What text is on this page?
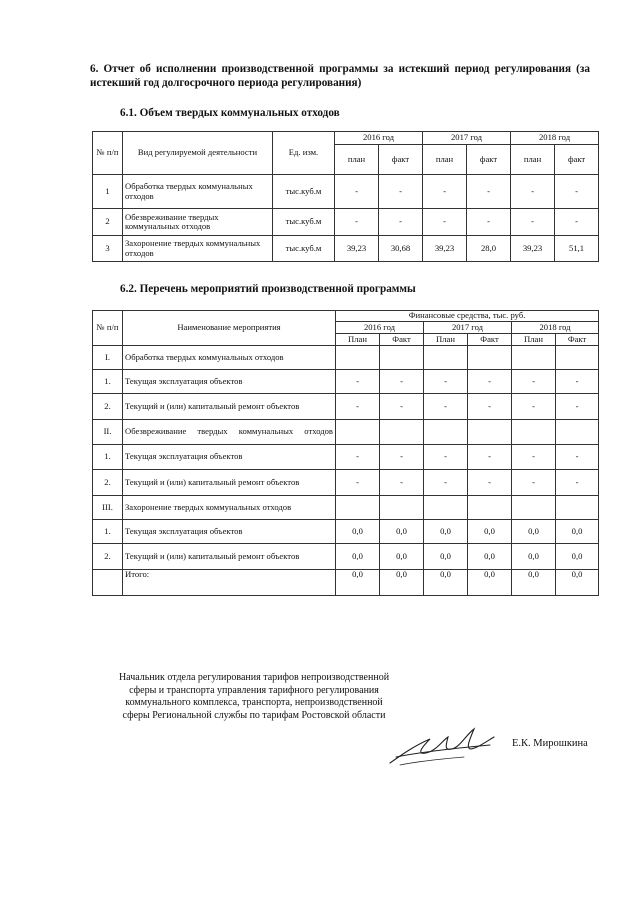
6. Отчет об исполнении производственной программы за истекший период регулирования (за истекший год долгосрочного периода регулирования)
6.1. Объем твердых коммунальных отходов
№ п/п	Вид регулируемой деятельности	Ед. изм.	2016 год		2017 год		2018 год	
			план	факт	план	факт	план	факт
1	Обработка твердых коммунальных отходов	тыс.куб.м	-	-	-	-	-	-
2	Обезвреживание твердых коммунальных отходов	тыс.куб.м	-	-	-	-	-	-
3	Захоронение твердых коммунальных отходов	тыс.куб.м	39,23	30,68	39,23	28,0	39,23	51,1
6.2. Перечень мероприятий производственной программы
№ п/п	Наименование мероприятия	Финансовые средства, тыс. руб.					
		2016 год		2017 год		2018 год	
		План	Факт	План	Факт	План	Факт
I.	Обработка твердых коммунальных отходов						
1.	Текущая эксплуатация объектов	-	-	-	-	-	-
2.	Текущий и (или) капитальный ремонт объектов	-	-	-	-	-	-
II.	Обезвреживание твердых коммунальных отходов						
1.	Текущая эксплуатация объектов	-	-	-	-	-	-
2.	Текущий и (или) капитальный ремонт объектов	-	-	-	-	-	-
III.	Захоронение твердых коммунальных отходов						
1.	Текущая эксплуатация объектов	0,0	0,0	0,0	0,0	0,0	0,0
2.	Текущий и (или) капитальный ремонт объектов	0,0	0,0	0,0	0,0	0,0	0,0
	Итого:	0,0	0,0	0,0	0,0	0,0	0,0
Начальник отдела регулирования тарифов непроизводственной сферы и транспорта управления тарифного регулирования коммунального комплекса, транспорта, непроизводственной сферы Региональной службы по тарифам Ростовской области
Е.К. Мирошкина
